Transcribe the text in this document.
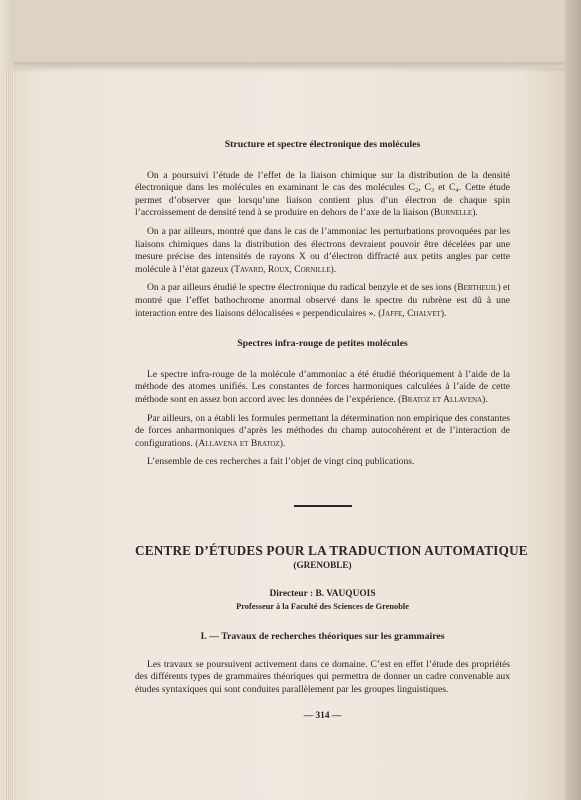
Structure et spectre électronique des molécules

On a poursuivi l’étude de l’effet de la liaison chimique sur la distribution de la densité électronique dans les molécules en examinant le cas des molécules C₂, C₃ et C₄. Cette étude permet d’observer que lorsqu’une liaison contient plus d’un électron de chaque spin l’accroissement de densité tend à se produire en dehors de l’axe de la liaison (Burnelle).

On a par ailleurs, montré que dans le cas de l’ammoniac les perturbations provoquées par les liaisons chimiques dans la distribution des électrons devraient pouvoir être décelées par une mesure précise des intensités de rayons X ou d’électron diffracté aux petits angles par cette molécule à l’état gazeux (Tavard, Roux, Cornille).

On a par ailleurs étudié le spectre électronique du radical benzyle et de ses ions (Bertheuil) et montré que l’effet bathochrome anormal observé dans le spectre du rubrène est dû à une interaction entre des liaisons délocalisées « perpendiculaires ». (Jaffe, Chalvet).

Spectres infra-rouge de petites molécules

Le spectre infra-rouge de la molécule d’ammoniac a été étudié théoriquement à l’aide de la méthode des atomes unifiés. Les constantes de forces harmoniques calculées à l’aide de cette méthode sont en assez bon accord avec les données de l’expérience. (Bratoz et Allavena).

Par ailleurs, on a établi les formules permettant la détermination non empirique des constantes de forces anharmoniques d’après les méthodes du champ autocohérent et de l’interaction de configurations. (Allavena et Bratoz).

L’ensemble de ces recherches a fait l’objet de vingt cinq publications.

CENTRE D’ÉTUDES POUR LA TRADUCTION AUTOMATIQUE
(GRENOBLE)
Directeur : B. VAUQUOIS
Professeur à la Faculté des Sciences de Grenoble
I. — Travaux de recherches théoriques sur les grammaires

Les travaux se poursuivent activement dans ce domaine. C’est en effet l’étude des propriétés des différents types de grammaires théoriques qui permettra de donner un cadre convenable aux études syntaxiques qui sont conduites parallèlement par les groupes linguistiques.

— 314 —
